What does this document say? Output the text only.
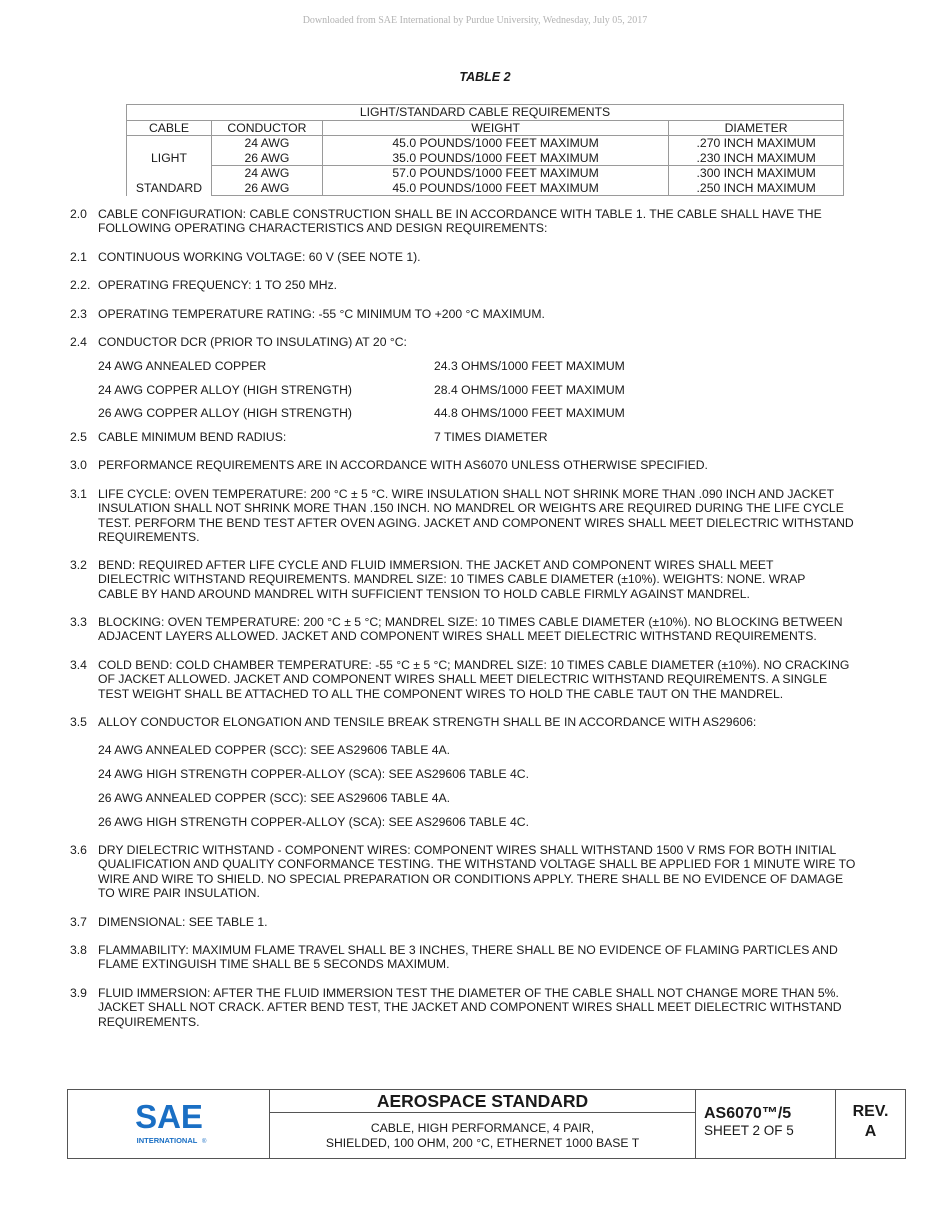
Downloaded from SAE International by Purdue University, Wednesday, July 05, 2017
TABLE 2
LIGHT/STANDARD CABLE REQUIREMENTS			
CABLE	CONDUCTOR	WEIGHT	DIAMETER
LIGHT	24 AWG	45.0 POUNDS/1000 FEET MAXIMUM	.270 INCH MAXIMUM
	26 AWG	35.0 POUNDS/1000 FEET MAXIMUM	.230 INCH MAXIMUM
STANDARD	24 AWG	57.0 POUNDS/1000 FEET MAXIMUM	.300 INCH MAXIMUM
	26 AWG	45.0 POUNDS/1000 FEET MAXIMUM	.250 INCH MAXIMUM
2.0 CABLE CONFIGURATION: CABLE CONSTRUCTION SHALL BE IN ACCORDANCE WITH TABLE 1. THE CABLE SHALL HAVE THE
FOLLOWING OPERATING CHARACTERISTICS AND DESIGN REQUIREMENTS:
2.1 CONTINUOUS WORKING VOLTAGE: 60 V (SEE NOTE 1).
2.2. OPERATING FREQUENCY: 1 TO 250 MHz.
2.3 OPERATING TEMPERATURE RATING: -55 °C MINIMUM TO +200 °C MAXIMUM.
2.4 CONDUCTOR DCR (PRIOR TO INSULATING) AT 20 °C:
24 AWG ANNEALED COPPER	24.3 OHMS/1000 FEET MAXIMUM
24 AWG COPPER ALLOY (HIGH STRENGTH)	28.4 OHMS/1000 FEET MAXIMUM
26 AWG COPPER ALLOY (HIGH STRENGTH)	44.8 OHMS/1000 FEET MAXIMUM
2.5 CABLE MINIMUM BEND RADIUS:	7 TIMES DIAMETER
3.0 PERFORMANCE REQUIREMENTS ARE IN ACCORDANCE WITH AS6070 UNLESS OTHERWISE SPECIFIED.
3.1 LIFE CYCLE: OVEN TEMPERATURE: 200 °C ± 5 °C. WIRE INSULATION SHALL NOT SHRINK MORE THAN .090 INCH AND JACKET
INSULATION SHALL NOT SHRINK MORE THAN .150 INCH. NO MANDREL OR WEIGHTS ARE REQUIRED DURING THE LIFE CYCLE
TEST. PERFORM THE BEND TEST AFTER OVEN AGING. JACKET AND COMPONENT WIRES SHALL MEET DIELECTRIC WITHSTAND
REQUIREMENTS.
3.2 BEND: REQUIRED AFTER LIFE CYCLE AND FLUID IMMERSION. THE JACKET AND COMPONENT WIRES SHALL MEET
DIELECTRIC WITHSTAND REQUIREMENTS. MANDREL SIZE: 10 TIMES CABLE DIAMETER (±10%). WEIGHTS: NONE. WRAP
CABLE BY HAND AROUND MANDREL WITH SUFFICIENT TENSION TO HOLD CABLE FIRMLY AGAINST MANDREL.
3.3 BLOCKING: OVEN TEMPERATURE: 200 °C ± 5 °C; MANDREL SIZE: 10 TIMES CABLE DIAMETER (±10%). NO BLOCKING BETWEEN
ADJACENT LAYERS ALLOWED. JACKET AND COMPONENT WIRES SHALL MEET DIELECTRIC WITHSTAND REQUIREMENTS.
3.4 COLD BEND: COLD CHAMBER TEMPERATURE: -55 °C ± 5 °C; MANDREL SIZE: 10 TIMES CABLE DIAMETER (±10%). NO CRACKING
OF JACKET ALLOWED. JACKET AND COMPONENT WIRES SHALL MEET DIELECTRIC WITHSTAND REQUIREMENTS. A SINGLE
TEST WEIGHT SHALL BE ATTACHED TO ALL THE COMPONENT WIRES TO HOLD THE CABLE TAUT ON THE MANDREL.
3.5 ALLOY CONDUCTOR ELONGATION AND TENSILE BREAK STRENGTH SHALL BE IN ACCORDANCE WITH AS29606:
24 AWG ANNEALED COPPER (SCC): SEE AS29606 TABLE 4A.
24 AWG HIGH STRENGTH COPPER-ALLOY (SCA): SEE AS29606 TABLE 4C.
26 AWG ANNEALED COPPER (SCC): SEE AS29606 TABLE 4A.
26 AWG HIGH STRENGTH COPPER-ALLOY (SCA): SEE AS29606 TABLE 4C.
3.6 DRY DIELECTRIC WITHSTAND - COMPONENT WIRES: COMPONENT WIRES SHALL WITHSTAND 1500 V RMS FOR BOTH INITIAL
QUALIFICATION AND QUALITY CONFORMANCE TESTING. THE WITHSTAND VOLTAGE SHALL BE APPLIED FOR 1 MINUTE WIRE TO
WIRE AND WIRE TO SHIELD. NO SPECIAL PREPARATION OR CONDITIONS APPLY. THERE SHALL BE NO EVIDENCE OF DAMAGE
TO WIRE PAIR INSULATION.
3.7 DIMENSIONAL: SEE TABLE 1.
3.8 FLAMMABILITY: MAXIMUM FLAME TRAVEL SHALL BE 3 INCHES, THERE SHALL BE NO EVIDENCE OF FLAMING PARTICLES AND
FLAME EXTINGUISH TIME SHALL BE 5 SECONDS MAXIMUM.
3.9 FLUID IMMERSION: AFTER THE FLUID IMMERSION TEST THE DIAMETER OF THE CABLE SHALL NOT CHANGE MORE THAN 5%.
JACKET SHALL NOT CRACK. AFTER BEND TEST, THE JACKET AND COMPONENT WIRES SHALL MEET DIELECTRIC WITHSTAND
REQUIREMENTS.
SAE
INTERNATIONAL ®
AEROSPACE STANDARD
CABLE, HIGH PERFORMANCE, 4 PAIR,
SHIELDED, 100 OHM, 200 °C, ETHERNET 1000 BASE T
AS6070™/5
SHEET 2 OF 5
REV.
A
